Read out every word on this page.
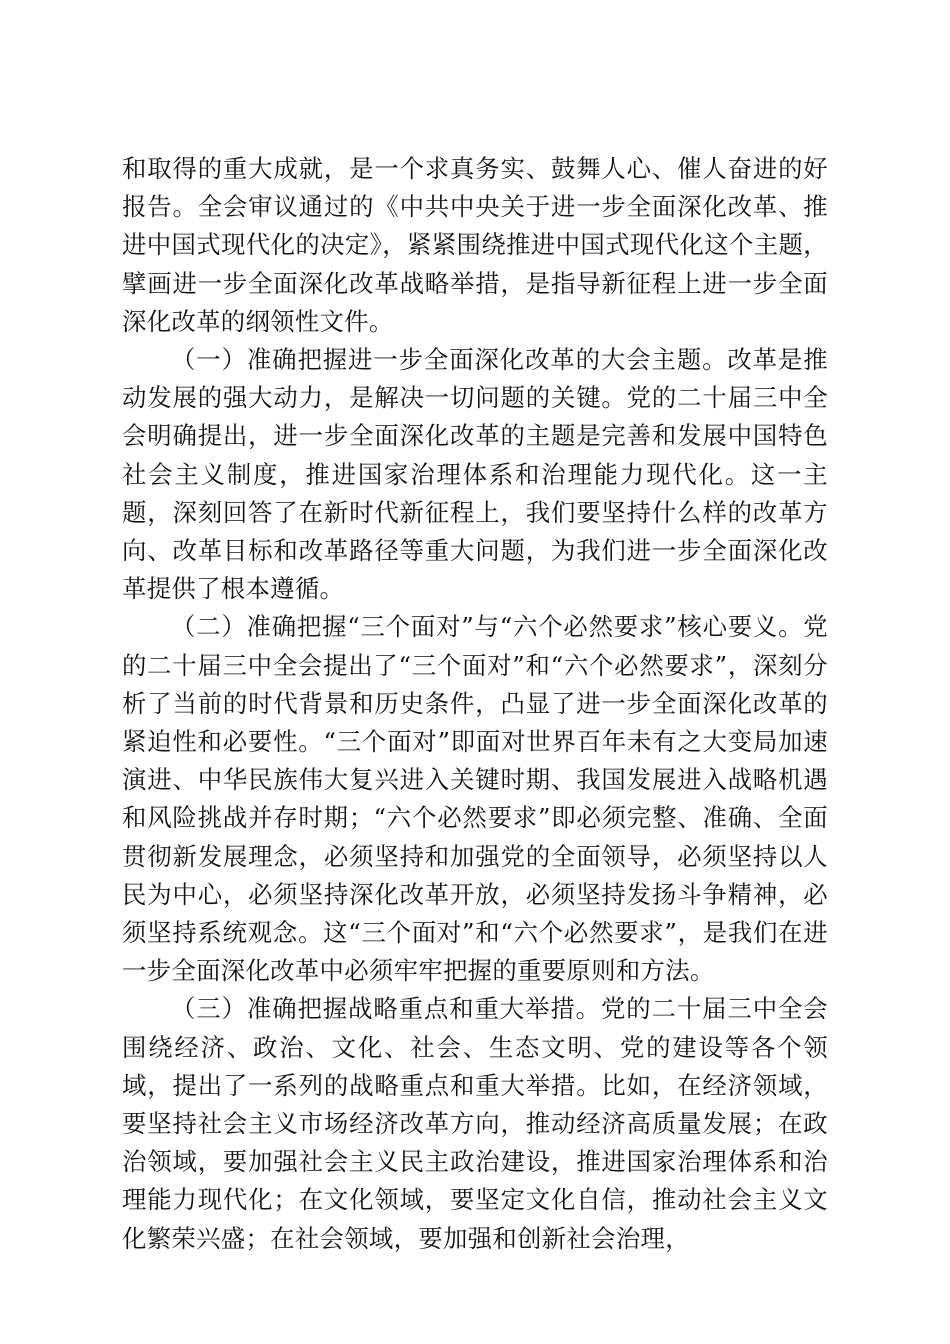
和取得的重大成就，是一个求真务实、鼓舞人心、催人奋进的好报告。全会审议通过的《中共中央关于进一步全面深化改革、推进中国式现代化的决定》，紧紧围绕推进中国式现代化这个主题，擘画进一步全面深化改革战略举措，是指导新征程上进一步全面深化改革的纲领性文件。

（一）准确把握进一步全面深化改革的大会主题。改革是推动发展的强大动力，是解决一切问题的关键。党的二十届三中全会明确提出，进一步全面深化改革的主题是完善和发展中国特色社会主义制度，推进国家治理体系和治理能力现代化。这一主题，深刻回答了在新时代新征程上，我们要坚持什么样的改革方向、改革目标和改革路径等重大问题，为我们进一步全面深化改革提供了根本遵循。

（二）准确把握“三个面对”与“六个必然要求”核心要义。党的二十届三中全会提出了“三个面对”和“六个必然要求”，深刻分析了当前的时代背景和历史条件，凸显了进一步全面深化改革的紧迫性和必要性。“三个面对”即面对世界百年未有之大变局加速演进、中华民族伟大复兴进入关键时期、我国发展进入战略机遇和风险挑战并存时期；“六个必然要求”即必须完整、准确、全面贯彻新发展理念，必须坚持和加强党的全面领导，必须坚持以人民为中心，必须坚持深化改革开放，必须坚持发扬斗争精神，必须坚持系统观念。这“三个面对”和“六个必然要求”，是我们在进一步全面深化改革中必须牢牢把握的重要原则和方法。

（三）准确把握战略重点和重大举措。党的二十届三中全会围绕经济、政治、文化、社会、生态文明、党的建设等各个领域，提出了一系列的战略重点和重大举措。比如，在经济领域，要坚持社会主义市场经济改革方向，推动经济高质量发展；在政治领域，要加强社会主义民主政治建设，推进国家治理体系和治理能力现代化；在文化领域，要坚定文化自信，推动社会主义文化繁荣兴盛；在社会领域，要加强和创新社会治理，
